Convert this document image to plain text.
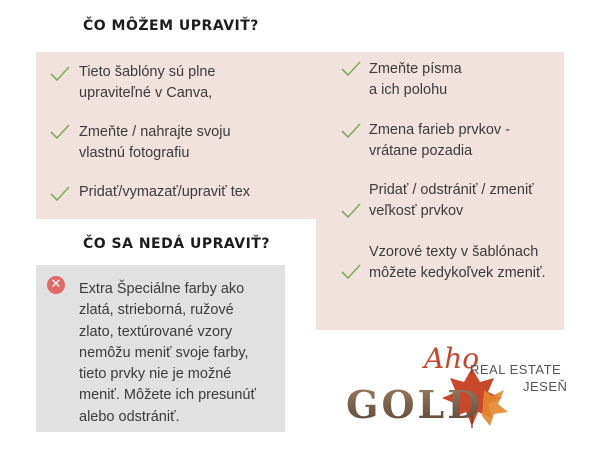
ČO MÔŽEM UPRAVIŤ?
Tieto šablóny sú plne
upraviteľné v Canva,
Zmeňte / nahrajte svoju
vlastnú fotografiu
Pridať/vymazať/upraviť tex
Zmeňte písma
a ich polohu
Zmena farieb prvkov -
vrátane pozadia
Pridať / odstrániť / zmeniť
veľkosť prvkov
Vzorové texty v šablónach
môžete kedykoľvek zmeniť.
ČO SA NEDÁ UPRAVIŤ?
✕ Extra Špeciálne farby ako
zlatá, strieborná, ružové
zlato, textúrované vzory
nemôžu meniť svoje farby,
tieto prvky nie je možné
meniť. Môžete ich presunúť
alebo odstrániť.
Aho
REAL ESTATE
JESEŇ
GOLD
